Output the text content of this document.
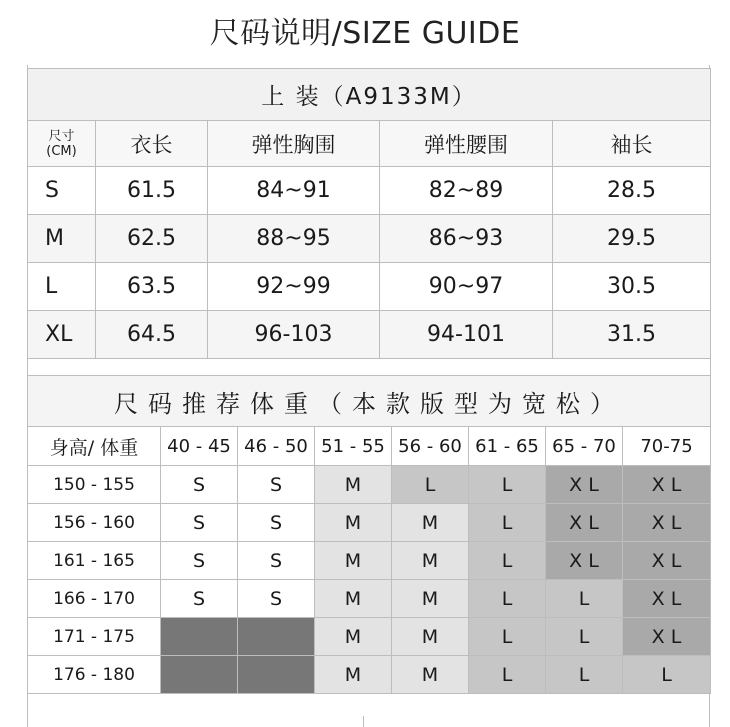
尺码说明/SIZE GUIDE
上 装（A9133M）				

尺寸
(CM)	衣长	弹性胸围	弹性腰围	袖长
S	61.5	84~91	82~89	28.5
M	62.5	88~95	86~93	29.5
L	63.5	92~99	90~97	30.5
XL	64.5	96-103	94-101	31.5

尺码推荐体重（本款版型为宽松）							
身高/ 体重	40 - 45	46 - 50	51 - 55	56 - 60	61 - 65	65 - 70	70-75
150 - 155	S	S	M	L	L	X L	X L
156 - 160	S	S	M	M	L	X L	X L
161 - 165	S	S	M	M	L	X L	X L
166 - 170	S	S	M	M	L	L	X L
171 - 175			M	M	L	L	X L
176 - 180			M	M	L	L	L
